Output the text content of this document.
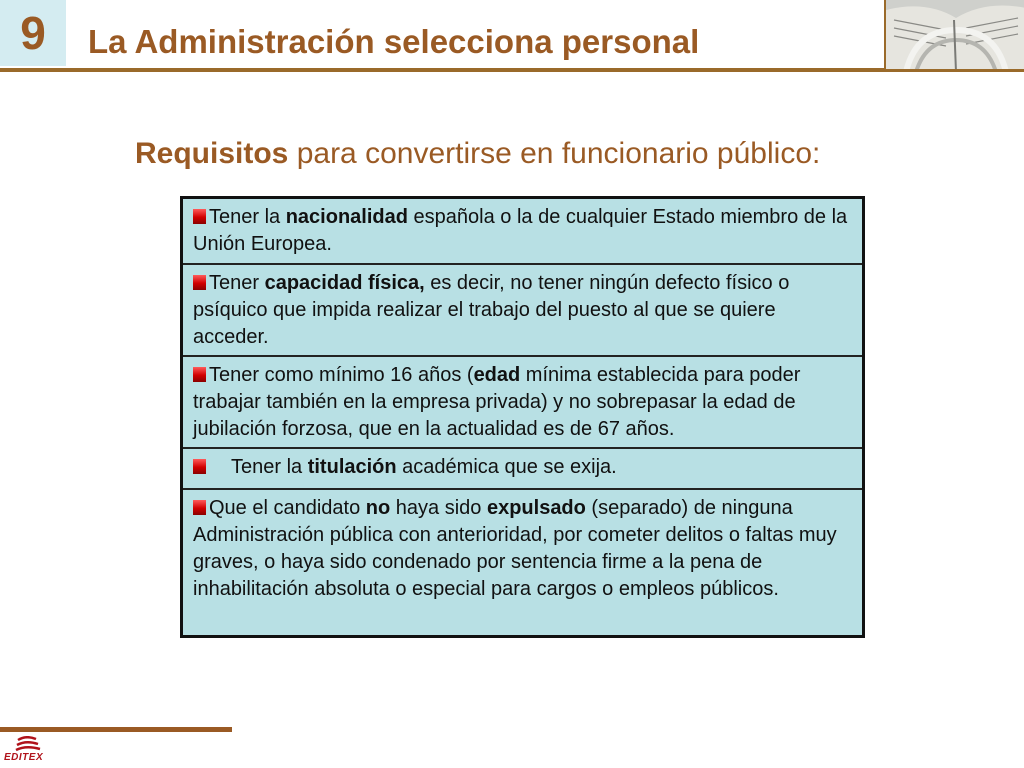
9 La Administración selecciona personal
Requisitos para convertirse en funcionario público:
Tener la nacionalidad española o la de cualquier Estado miembro de la Unión Europea.
Tener capacidad física, es decir, no tener ningún defecto físico o psíquico que impida realizar el trabajo del puesto al que se quiere acceder.
Tener como mínimo 16 años (edad mínima establecida para poder trabajar también en la empresa privada) y no sobrepasar la edad de jubilación forzosa, que en la actualidad es de 67 años.
Tener la titulación académica que se exija.
Que el candidato no haya sido expulsado (separado) de ninguna Administración pública con anterioridad, por cometer delitos o faltas muy graves, o haya sido condenado por sentencia firme a la pena de inhabilitación absoluta o especial para cargos o empleos públicos.
EDITEX
